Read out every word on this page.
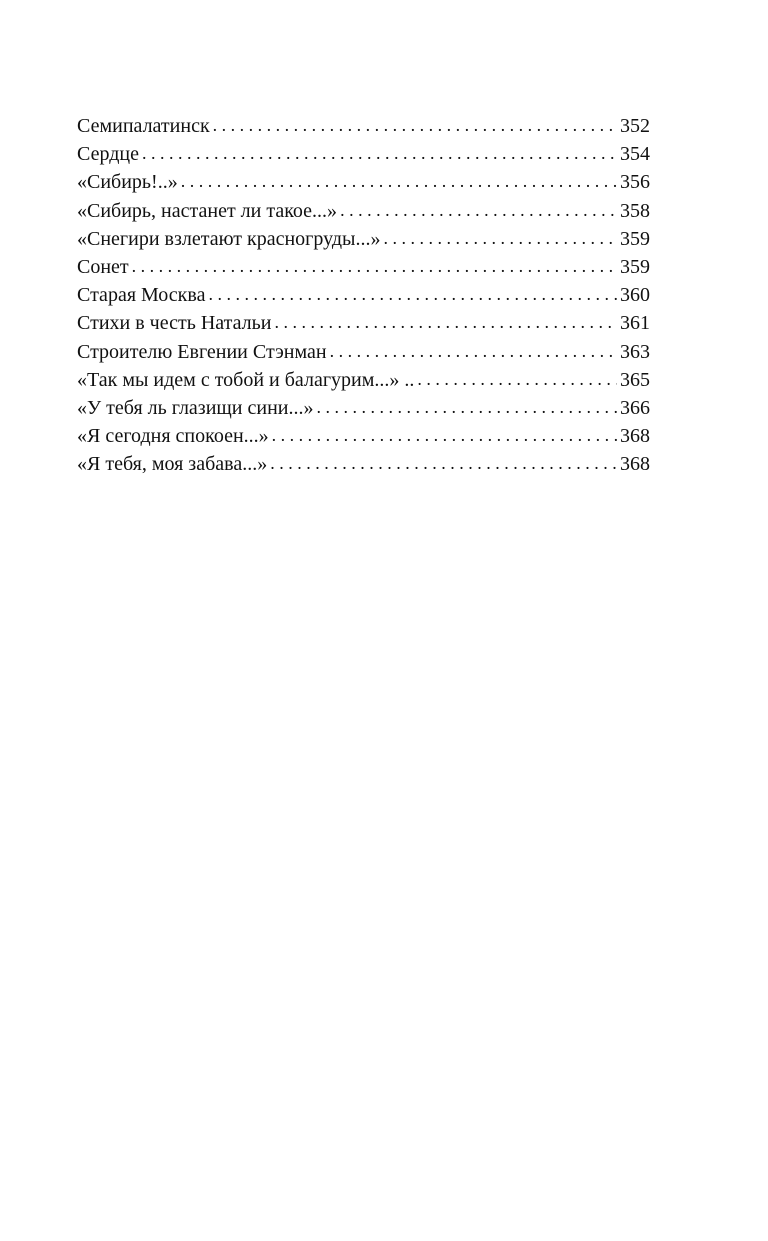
Семипалатинск . . .	352
Сердце . . .	354
«Сибирь!..» . . .	356
«Сибирь, настанет ли такое...» . . .	358
«Снегири взлетают красногруды...» . . .	359
Сонет . . .	359
Старая Москва . . .	360
Стихи в честь Натальи . . .	361
Строителю Евгении Стэнман . . .	363
«Так мы идем с тобой и балагурим...» .. . . .	365
«У тебя ль глазищи сини...» . . .	366
«Я сегодня спокоен...» . . .	368
«Я тебя, моя забава...» . . .	368
